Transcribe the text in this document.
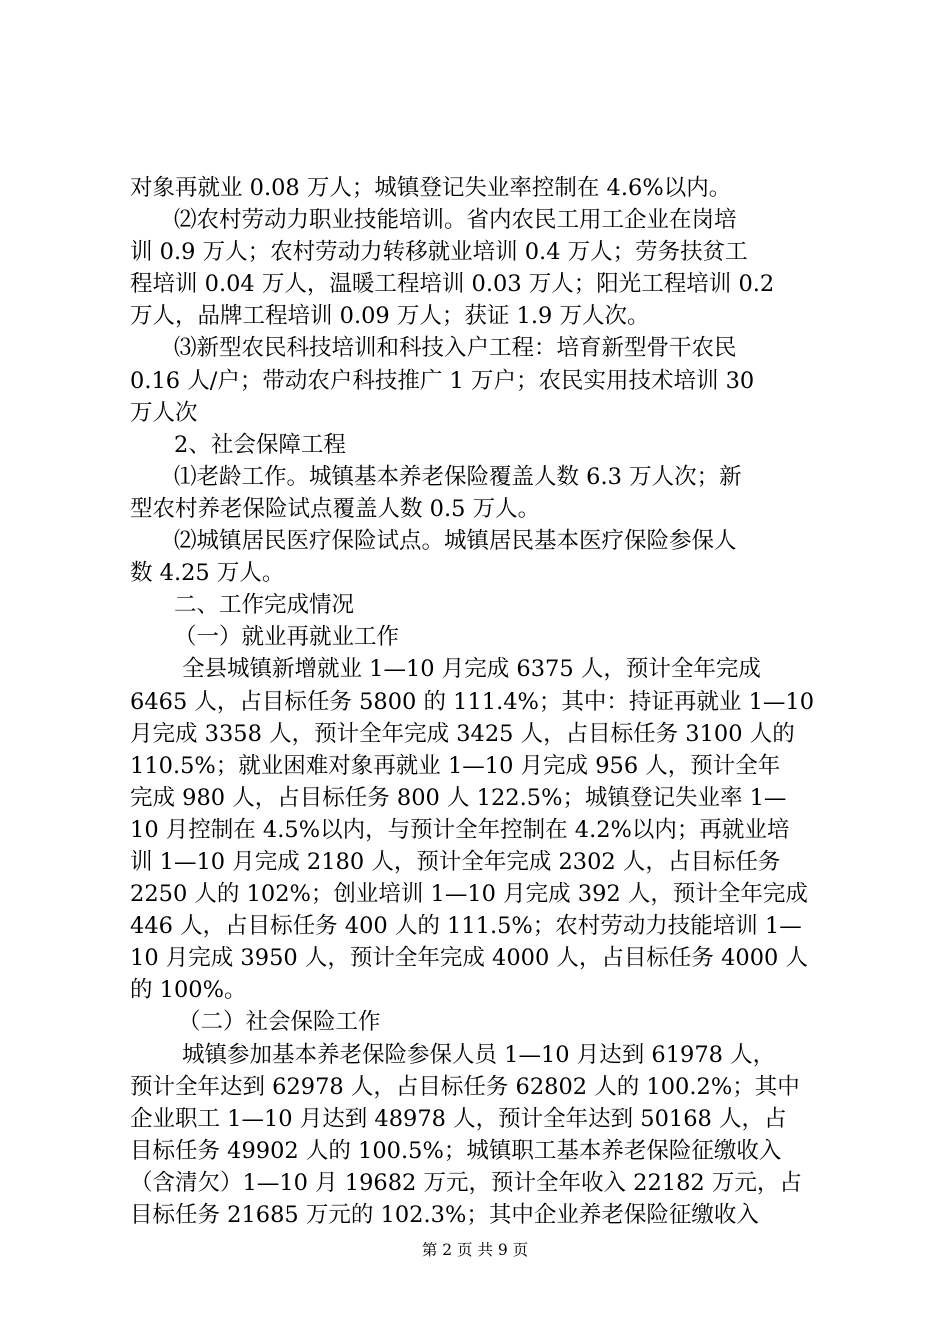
对象再就业 0.08 万人；城镇登记失业率控制在 4.6%以内。
⑵农村劳动力职业技能培训。省内农民工用工企业在岗培
训 0.9 万人；农村劳动力转移就业培训 0.4 万人；劳务扶贫工
程培训 0.04 万人，温暖工程培训 0.03 万人；阳光工程培训 0.2
万人，品牌工程培训 0.09 万人；获证 1.9 万人次。
⑶新型农民科技培训和科技入户工程：培育新型骨干农民
0.16 人/户；带动农户科技推广 1 万户；农民实用技术培训 30
万人次
2、社会保障工程
⑴老龄工作。城镇基本养老保险覆盖人数 6.3 万人次；新
型农村养老保险试点覆盖人数 0.5 万人。
⑵城镇居民医疗保险试点。城镇居民基本医疗保险参保人
数 4.25 万人。
二、工作完成情况
（一）就业再就业工作
全县城镇新增就业 1—10 月完成 6375 人，预计全年完成
6465 人，占目标任务 5800 的 111.4%；其中：持证再就业 1—10
月完成 3358 人，预计全年完成 3425 人，占目标任务 3100 人的
110.5%；就业困难对象再就业 1—10 月完成 956 人，预计全年
完成 980 人，占目标任务 800 人 122.5%；城镇登记失业率 1—
10 月控制在 4.5%以内，与预计全年控制在 4.2%以内；再就业培
训 1—10 月完成 2180 人，预计全年完成 2302 人，占目标任务
2250 人的 102%；创业培训 1—10 月完成 392 人，预计全年完成
446 人，占目标任务 400 人的 111.5%；农村劳动力技能培训 1—
10 月完成 3950 人，预计全年完成 4000 人，占目标任务 4000 人
的 100%。
（二）社会保险工作
城镇参加基本养老保险参保人员 1—10 月达到 61978 人，
预计全年达到 62978 人，占目标任务 62802 人的 100.2%；其中
企业职工 1—10 月达到 48978 人，预计全年达到 50168 人，占
目标任务 49902 人的 100.5%；城镇职工基本养老保险征缴收入
（含清欠）1—10 月 19682 万元，预计全年收入 22182 万元，占
目标任务 21685 万元的 102.3%；其中企业养老保险征缴收入
第 2 页 共 9 页
